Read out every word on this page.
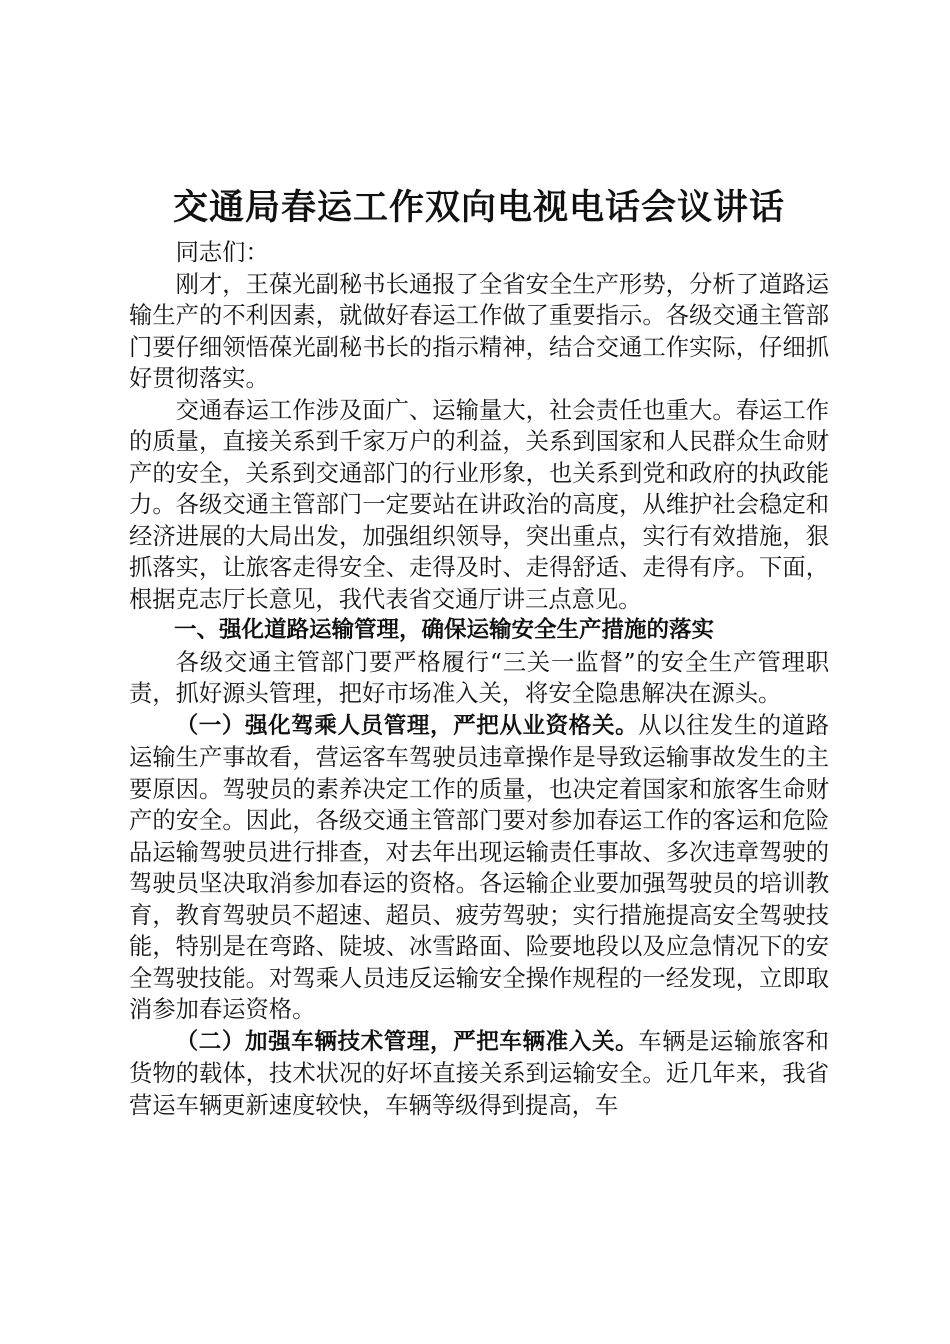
交通局春运工作双向电视电话会议讲话

同志们：

刚才，王葆光副秘书长通报了全省安全生产形势，分析了道路运输生产的不利因素，就做好春运工作做了重要指示。各级交通主管部门要仔细领悟葆光副秘书长的指示精神，结合交通工作实际，仔细抓好贯彻落实。

交通春运工作涉及面广、运输量大，社会责任也重大。春运工作的质量，直接关系到千家万户的利益，关系到国家和人民群众生命财产的安全，关系到交通部门的行业形象，也关系到党和政府的执政能力。各级交通主管部门一定要站在讲政治的高度，从维护社会稳定和经济进展的大局出发，加强组织领导，突出重点，实行有效措施，狠抓落实，让旅客走得安全、走得及时、走得舒适、走得有序。下面，根据克志厅长意见，我代表省交通厅讲三点意见。

一、强化道路运输管理，确保运输安全生产措施的落实

各级交通主管部门要严格履行“三关一监督”的安全生产管理职责，抓好源头管理，把好市场准入关，将安全隐患解决在源头。

（一）强化驾乘人员管理，严把从业资格关。从以往发生的道路运输生产事故看，营运客车驾驶员违章操作是导致运输事故发生的主要原因。驾驶员的素养决定工作的质量，也决定着国家和旅客生命财产的安全。因此，各级交通主管部门要对参加春运工作的客运和危险品运输驾驶员进行排查，对去年出现运输责任事故、多次违章驾驶的驾驶员坚决取消参加春运的资格。各运输企业要加强驾驶员的培训教育，教育驾驶员不超速、超员、疲劳驾驶；实行措施提高安全驾驶技能，特别是在弯路、陡坡、冰雪路面、险要地段以及应急情况下的安全驾驶技能。对驾乘人员违反运输安全操作规程的一经发现，立即取消参加春运资格。

（二）加强车辆技术管理，严把车辆准入关。车辆是运输旅客和货物的载体，技术状况的好坏直接关系到运输安全。近几年来，我省营运车辆更新速度较快，车辆等级得到提高，车
